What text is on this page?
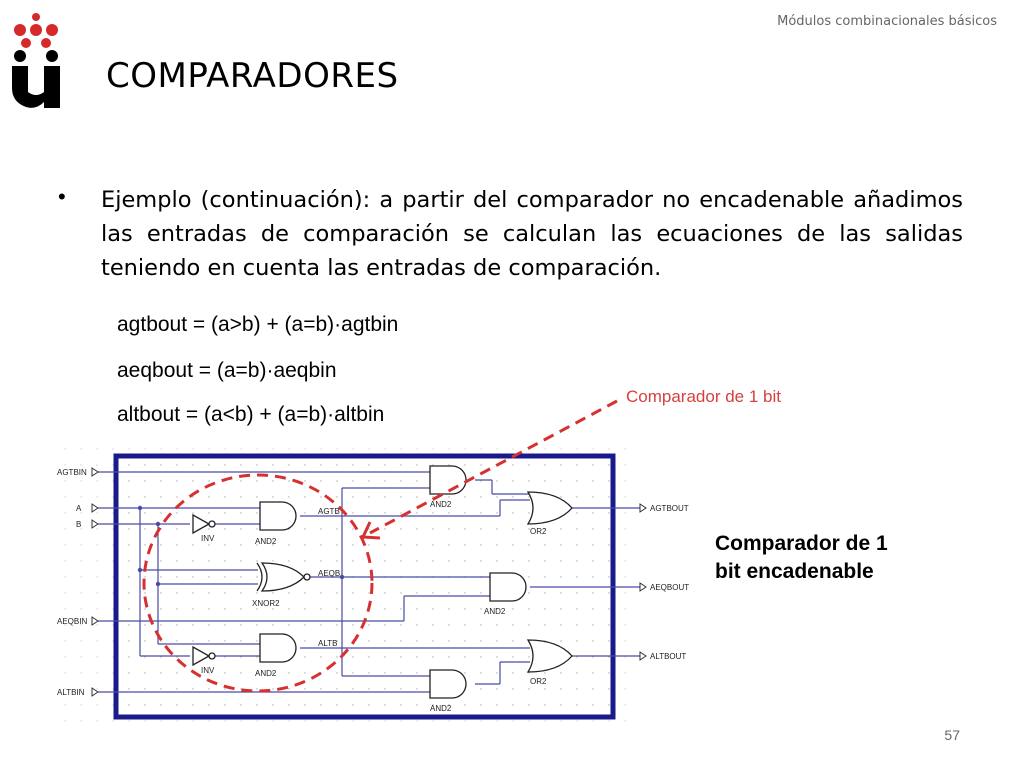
Módulos combinacionales básicos
COMPARADORES
• Ejemplo (continuación): a partir del comparador no encadenable añadimos las entradas de comparación se calculan las ecuaciones de las salidas teniendo en cuenta las entradas de comparación.
agtbout = (a>b) + (a=b)·agtbin
aeqbout = (a=b)·aeqbin
altbout = (a<b) + (a=b)·altbin
Comparador de 1 bit
Comparador de 1
bit encadenable
57
AGTBIN
A
B
AEQBIN
ALTBIN
AGTBOUT
AEQBOUT
ALTBOUT
INV
INV
AND2
XNOR2
AND2
AND2
OR2
AND2
OR2
AND2
AGTB
AEQB
ALTB
